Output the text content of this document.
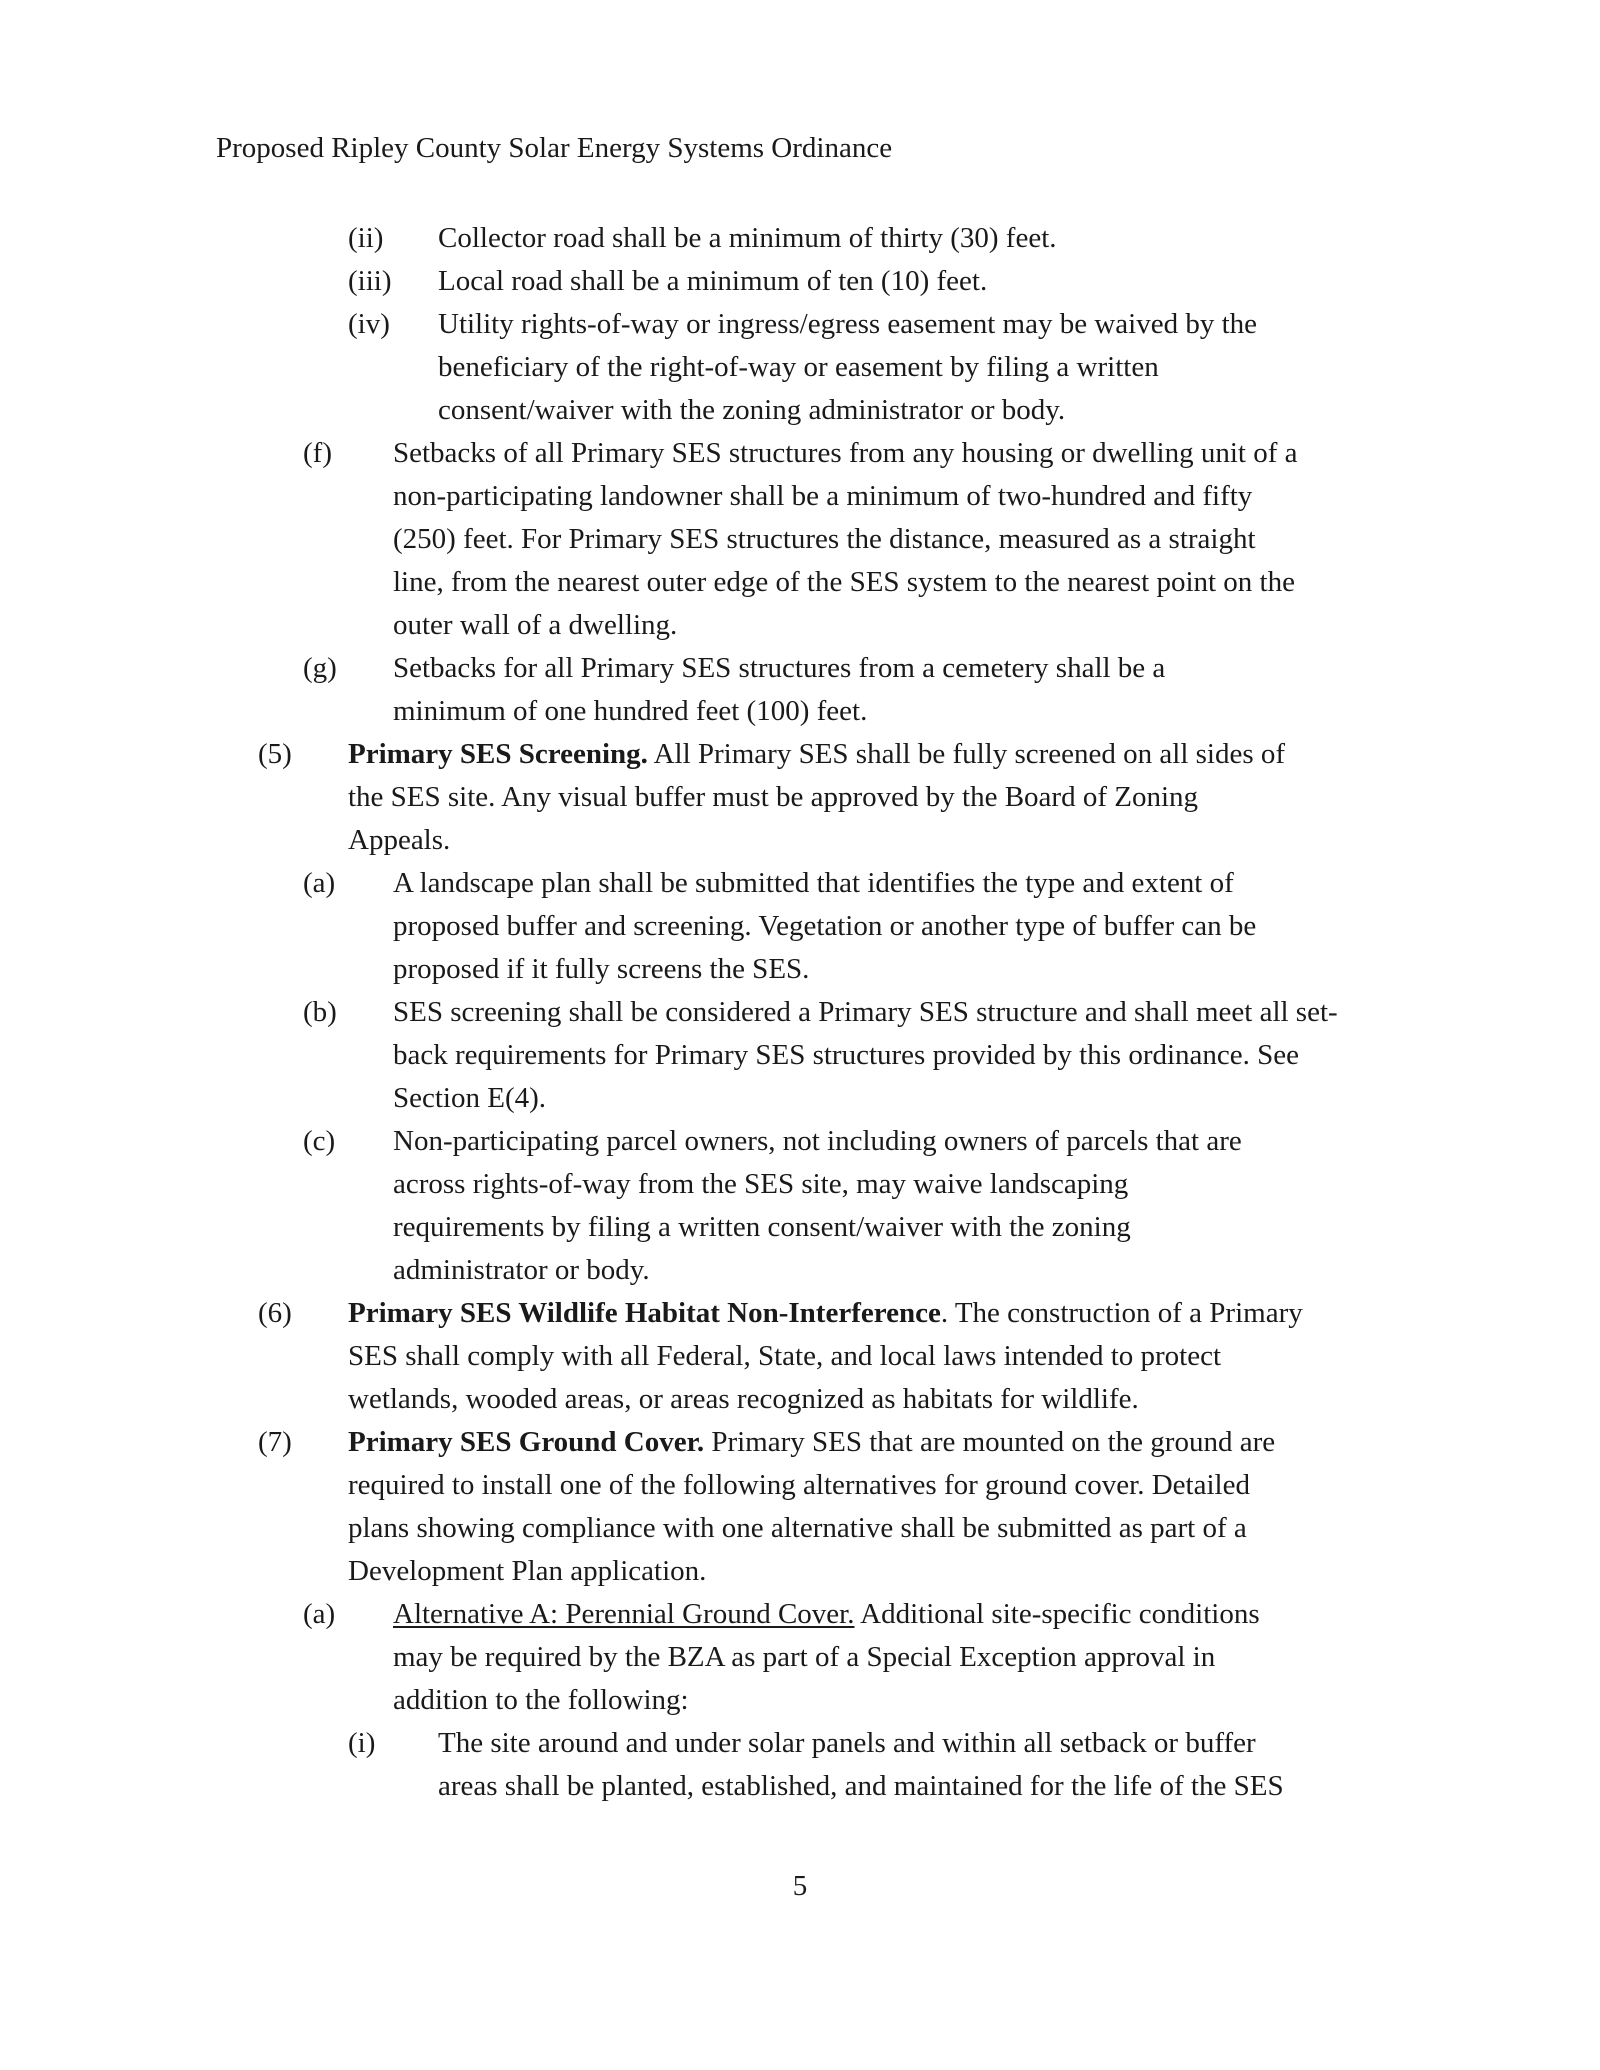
Proposed Ripley County Solar Energy Systems Ordinance
(ii) Collector road shall be a minimum of thirty (30) feet.
(iii) Local road shall be a minimum of ten (10) feet.
(iv) Utility rights-of-way or ingress/egress easement may be waived by the
beneficiary of the right-of-way or easement by filing a written
consent/waiver with the zoning administrator or body.
(f) Setbacks of all Primary SES structures from any housing or dwelling unit of a
non-participating landowner shall be a minimum of two-hundred and fifty
(250) feet. For Primary SES structures the distance, measured as a straight
line, from the nearest outer edge of the SES system to the nearest point on the
outer wall of a dwelling.
(g) Setbacks for all Primary SES structures from a cemetery shall be a
minimum of one hundred feet (100) feet.
(5) Primary SES Screening. All Primary SES shall be fully screened on all sides of
the SES site. Any visual buffer must be approved by the Board of Zoning
Appeals.
(a) A landscape plan shall be submitted that identifies the type and extent of
proposed buffer and screening. Vegetation or another type of buffer can be
proposed if it fully screens the SES.
(b) SES screening shall be considered a Primary SES structure and shall meet all set-
back requirements for Primary SES structures provided by this ordinance. See
Section E(4).
(c) Non-participating parcel owners, not including owners of parcels that are
across rights-of-way from the SES site, may waive landscaping
requirements by filing a written consent/waiver with the zoning
administrator or body.
(6) Primary SES Wildlife Habitat Non-Interference. The construction of a Primary
SES shall comply with all Federal, State, and local laws intended to protect
wetlands, wooded areas, or areas recognized as habitats for wildlife.
(7) Primary SES Ground Cover. Primary SES that are mounted on the ground are
required to install one of the following alternatives for ground cover. Detailed
plans showing compliance with one alternative shall be submitted as part of a
Development Plan application.
(a) Alternative A: Perennial Ground Cover. Additional site-specific conditions
may be required by the BZA as part of a Special Exception approval in
addition to the following:
(i) The site around and under solar panels and within all setback or buffer
areas shall be planted, established, and maintained for the life of the SES
5
